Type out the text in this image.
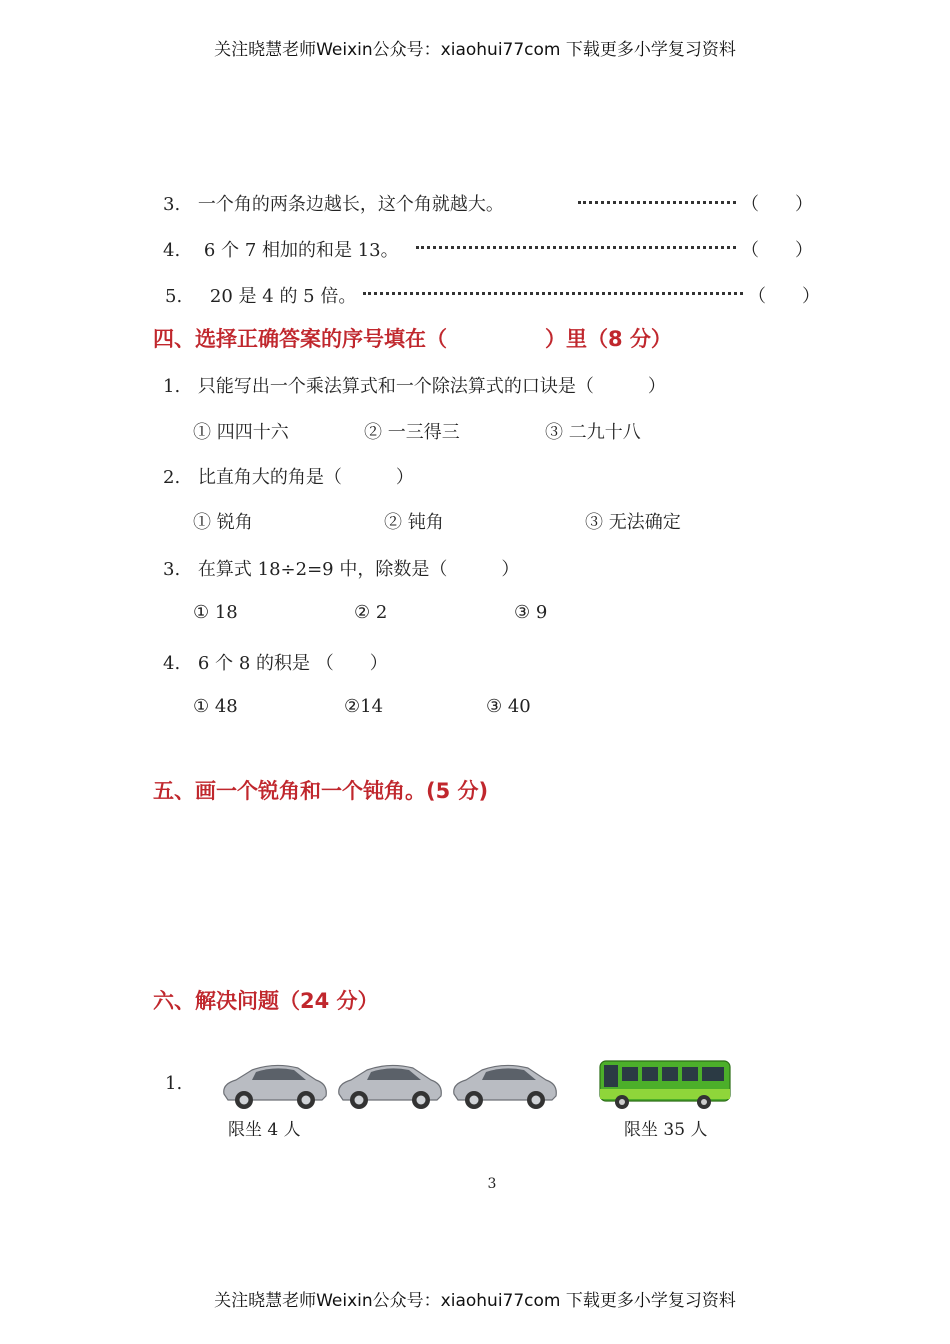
关注晓慧老师Weixin公众号：xiaohui77com 下载更多小学复习资料
3. 一个角的两条边越长，这个角就越大。	（ ）
4. 6 个 7 相加的和是 13。	（ ）
5. 20 是 4 的 5 倍。	（ ）
四、选择正确答案的序号填在（	）里（8 分）
1. 只能写出一个乘法算式和一个除法算式的口诀是（　　　）
① 四四十六	② 一三得三	③ 二九十八
2. 比直角大的角是（　　　）
① 锐角	② 钝角	③ 无法确定
3. 在算式 18÷2=9 中，除数是（　　　）
① 18	② 2	③ 9
4. 6 个 8 的积是 （　　）
① 48	②14	③ 40
五、画一个锐角和一个钝角。(5 分)
六、解决问题（24 分）
1.
限坐 4 人	限坐 35 人
3
关注晓慧老师Weixin公众号：xiaohui77com 下载更多小学复习资料
